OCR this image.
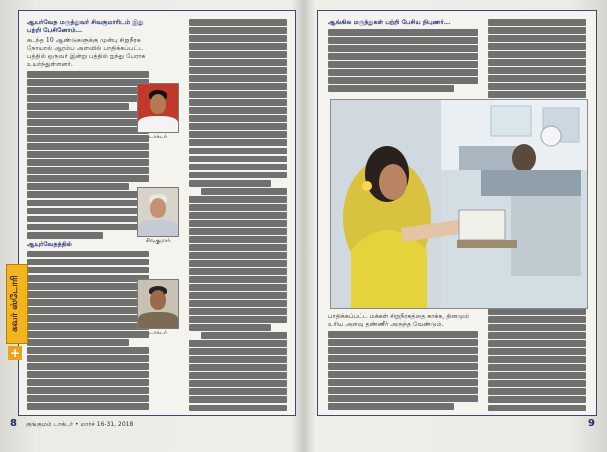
ஆயர்வேத மருத்துவர் சிவகுமாரிடம் இது பற்றி பேசினோம்...

கடந்த 10 ஆண்டுகளுக்கு முன்பு சிறுநீரக நோயால் ஆரம்ப அளவில் பாதிக்கப்பட்ட பத்தில் ஒருவர் இன்று பத்தில் ஐந்து பேராக உயர்ந்துள்ளனர்.

ஆயுர்வேதத்தில்

டாக்டர்
சிவகுமார்
டாக்டர்
கவர் ஸ்டோரி
+
8 குங்குமம் டாக்டர் • மார்ச் 16-31, 2018

ஆங்கில மருந்துகள் பற்றி பேசிய நிபுணர்...

பாதிக்கப்பட்ட மக்கள் சிறுநீரகத்தை காக்க, தினமும் உரிய அளவு தண்ணீர் அருந்த வேண்டும்.

9
